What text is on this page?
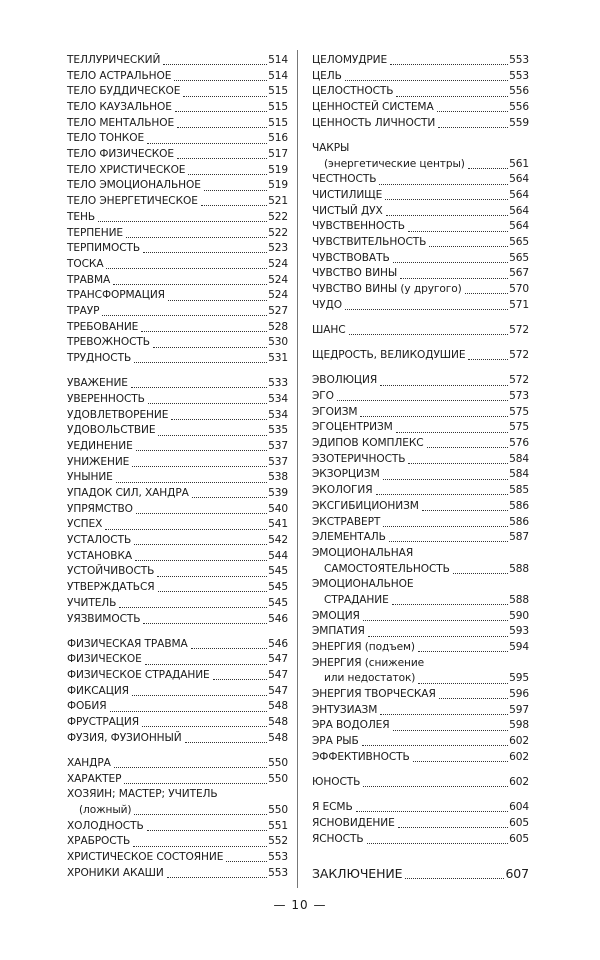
ТЕЛЛУРИЧЕСКИЙ	514
ТЕЛО АСТРАЛЬНОЕ	514
ТЕЛО БУДДИЧЕСКОЕ	515
ТЕЛО КАУЗАЛЬНОЕ	515
ТЕЛО МЕНТАЛЬНОЕ	515
ТЕЛО ТОНКОЕ	516
ТЕЛО ФИЗИЧЕСКОЕ	517
ТЕЛО ХРИСТИЧЕСКОЕ	519
ТЕЛО ЭМОЦИОНАЛЬНОЕ	519
ТЕЛО ЭНЕРГЕТИЧЕСКОЕ	521
ТЕНЬ	522
ТЕРПЕНИЕ	522
ТЕРПИМОСТЬ	523
ТОСКА	524
ТРАВМА	524
ТРАНСФОРМАЦИЯ	524
ТРАУР	527
ТРЕБОВАНИЕ	528
ТРЕВОЖНОСТЬ	530
ТРУДНОСТЬ	531
УВАЖЕНИЕ	533
УВЕРЕННОСТЬ	534
УДОВЛЕТВОРЕНИЕ	534
УДОВОЛЬСТВИЕ	535
УЕДИНЕНИЕ	537
УНИЖЕНИЕ	537
УНЫНИЕ	538
УПАДОК СИЛ, ХАНДРА	539
УПРЯМСТВО	540
УСПЕХ	541
УСТАЛОСТЬ	542
УСТАНОВКА	544
УСТОЙЧИВОСТЬ	545
УТВЕРЖДАТЬСЯ	545
УЧИТЕЛЬ	545
УЯЗВИМОСТЬ	546
ФИЗИЧЕСКАЯ ТРАВМА	546
ФИЗИЧЕСКОЕ	547
ФИЗИЧЕСКОЕ СТРАДАНИЕ	547
ФИКСАЦИЯ	547
ФОБИЯ	548
ФРУСТРАЦИЯ	548
ФУЗИЯ, ФУЗИОННЫЙ	548
ХАНДРА	550
ХАРАКТЕР	550
ХОЗЯИН; МАСТЕР; УЧИТЕЛЬ
(ложный)	550
ХОЛОДНОСТЬ	551
ХРАБРОСТЬ	552
ХРИСТИЧЕСКОЕ СОСТОЯНИЕ	553
ХРОНИКИ АКАШИ	553
ЦЕЛОМУДРИЕ	553
ЦЕЛЬ	553
ЦЕЛОСТНОСТЬ	556
ЦЕННОСТЕЙ СИСТЕМА	556
ЦЕННОСТЬ ЛИЧНОСТИ	559
ЧАКРЫ
(энергетические центры)	561
ЧЕСТНОСТЬ	564
ЧИСТИЛИЩЕ	564
ЧИСТЫЙ ДУХ	564
ЧУВСТВЕННОСТЬ	564
ЧУВСТВИТЕЛЬНОСТЬ	565
ЧУВСТВОВАТЬ	565
ЧУВСТВО ВИНЫ	567
ЧУВСТВО ВИНЫ (у другого)	570
ЧУДО	571
ШАНС	572
ЩЕДРОСТЬ, ВЕЛИКОДУШИЕ	572
ЭВОЛЮЦИЯ	572
ЭГО	573
ЭГОИЗМ	575
ЭГОЦЕНТРИЗМ	575
ЭДИПОВ КОМПЛЕКС	576
ЭЗОТЕРИЧНОСТЬ	584
ЭКЗОРЦИЗМ	584
ЭКОЛОГИЯ	585
ЭКСГИБИЦИОНИЗМ	586
ЭКСТРАВЕРТ	586
ЭЛЕМЕНТАЛЬ	587
ЭМОЦИОНАЛЬНАЯ
САМОСТОЯТЕЛЬНОСТЬ	588
ЭМОЦИОНАЛЬНОЕ
СТРАДАНИЕ	588
ЭМОЦИЯ	590
ЭМПАТИЯ	593
ЭНЕРГИЯ (подъем)	594
ЭНЕРГИЯ (снижение
или недостаток)	595
ЭНЕРГИЯ ТВОРЧЕСКАЯ	596
ЭНТУЗИАЗМ	597
ЭРА ВОДОЛЕЯ	598
ЭРА РЫБ	602
ЭФФЕКТИВНОСТЬ	602
ЮНОСТЬ	602
Я ЕСМЬ	604
ЯСНОВИДЕНИЕ	605
ЯСНОСТЬ	605
ЗАКЛЮЧЕНИЕ	607
— 10 —
